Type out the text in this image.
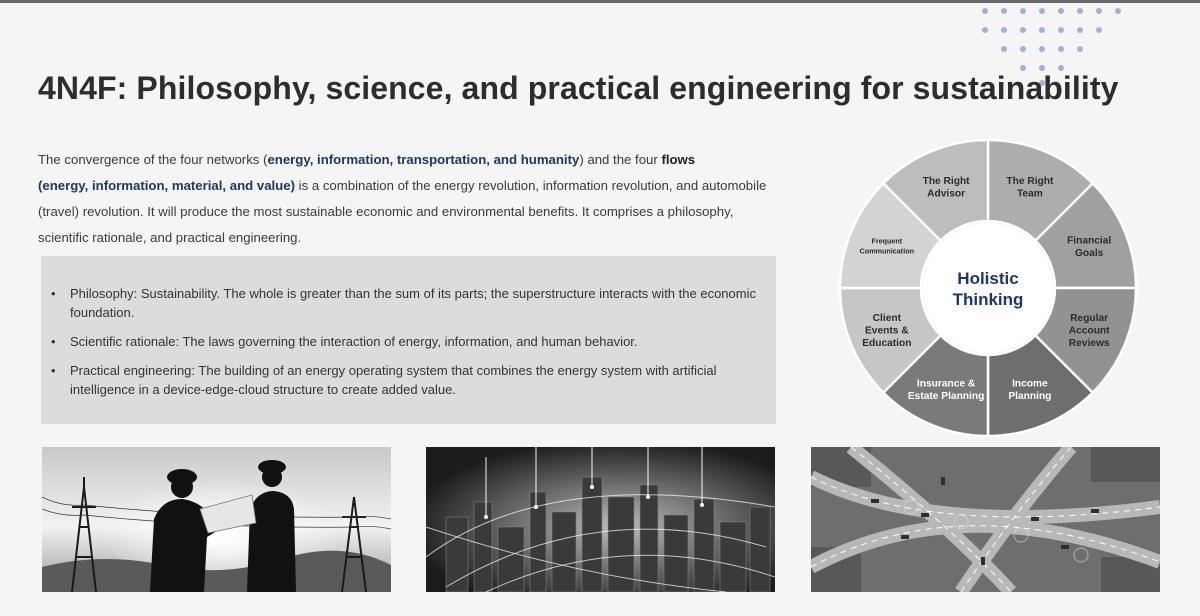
4N4F: Philosophy, science, and practical engineering for sustainability

The convergence of the four networks (energy, information, transportation, and humanity) and the four flows
(energy, information, material, and value) is a combination of the energy revolution, information revolution, and automobile (travel) revolution. It will produce the most sustainable economic and environmental benefits. It comprises a philosophy, scientific rationale, and practical engineering.

• Philosophy: Sustainability. The whole is greater than the sum of its parts; the superstructure interacts with the economic foundation.
• Scientific rationale: The laws governing the interaction of energy, information, and human behavior.
• Practical engineering: The building of an energy operating system that combines the energy system with artificial intelligence in a device-edge-cloud structure to create added value.
The Right Team
Financial Goals
Regular Account Reviews
Income Planning
Insurance & Estate Planning
Client Events & Education
Frequent Communication
The Right Advisor
Holistic
Thinking
